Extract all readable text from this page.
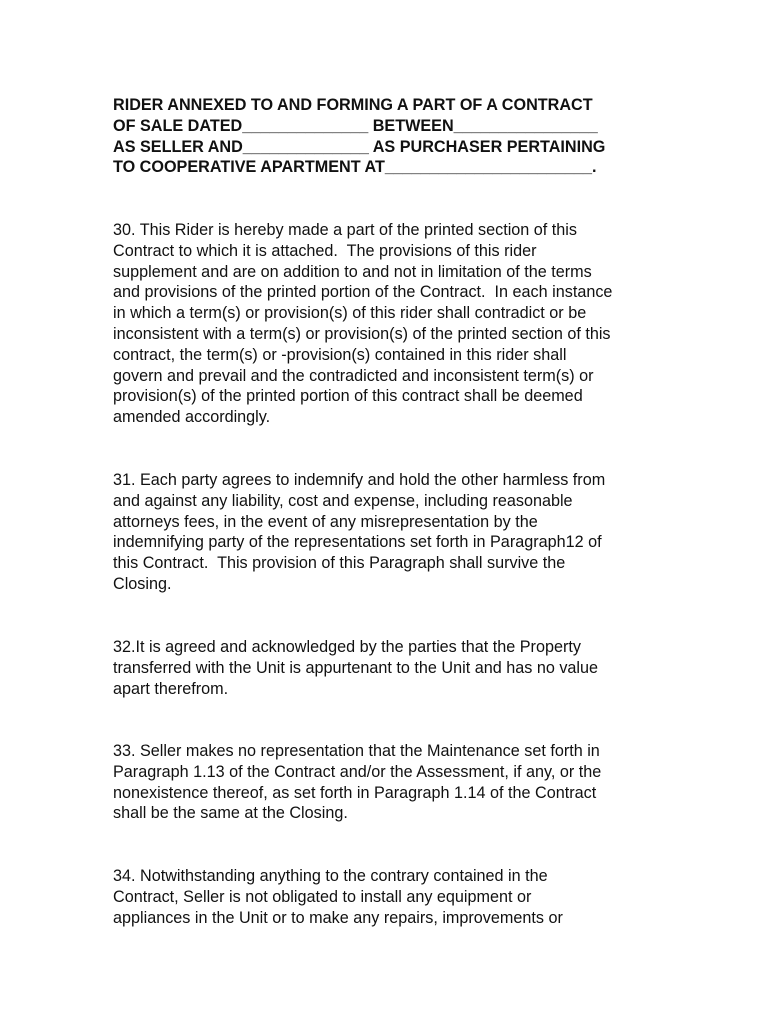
RIDER ANNEXED TO AND FORMING A PART OF A CONTRACT
OF SALE DATED______________ BETWEEN________________
AS SELLER AND______________ AS PURCHASER PERTAINING
TO COOPERATIVE APARTMENT AT_______________________.

30. This Rider is hereby made a part of the printed section of this
Contract to which it is attached.  The provisions of this rider
supplement and are on addition to and not in limitation of the terms
and provisions of the printed portion of the Contract.  In each instance
in which a term(s) or provision(s) of this rider shall contradict or be
inconsistent with a term(s) or provision(s) of the printed section of this
contract, the term(s) or -provision(s) contained in this rider shall
govern and prevail and the contradicted and inconsistent term(s) or
provision(s) of the printed portion of this contract shall be deemed
amended accordingly.

31. Each party agrees to indemnify and hold the other harmless from
and against any liability, cost and expense, including reasonable
attorneys fees, in the event of any misrepresentation by the
indemnifying party of the representations set forth in Paragraph12 of
this Contract.  This provision of this Paragraph shall survive the
Closing.

32.It is agreed and acknowledged by the parties that the Property
transferred with the Unit is appurtenant to the Unit and has no value
apart therefrom.

33. Seller makes no representation that the Maintenance set forth in
Paragraph 1.13 of the Contract and/or the Assessment, if any, or the
nonexistence thereof, as set forth in Paragraph 1.14 of the Contract
shall be the same at the Closing.

34. Notwithstanding anything to the contrary contained in the
Contract, Seller is not obligated to install any equipment or
appliances in the Unit or to make any repairs, improvements or
